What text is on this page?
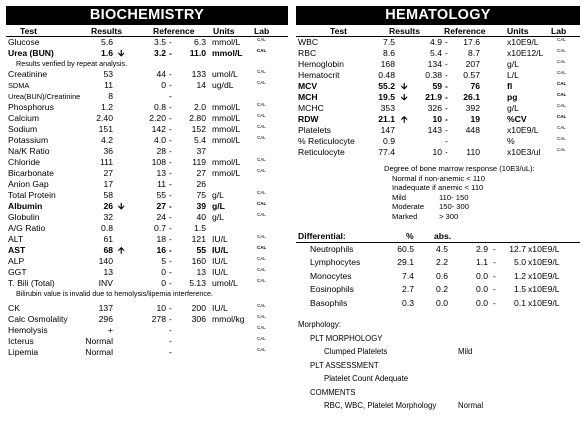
BIOCHEMISTRY
Test	Results	Reference Units Lab
Glucose	5.6	3.5 -	6.3 mmol/L	CAL
Urea (BUN)	1.6 🡫	3.2 - 11.0 mmol/L	CAL
Results verified by repeat analysis.
Creatinine	53	44 - 133 umol/L	CAL
SDMA	11	0 -	14 ug/dL	CAL
Urea(BUN)/Creatinine	8	-
Phosphorus	1.2	0.8 -	2.0 mmol/L	CAL
Calcium	2.40	2.20 - 2.80 mmol/L	CAL
Sodium	151	142 - 152 mmol/L	CAL
Potassium	4.2	4.0 -	5.4 mmol/L	CAL
Na/K Ratio	36	28 -	37
Chloride	111	108 - 119 mmol/L	CAL
Bicarbonate	27	13 -	27 mmol/L	CAL
Anion Gap	17	11 -	26
Total Protein	58	55 -	75 g/L	CAL
Albumin	26 🡫	27 -	39 g/L	CAL
Globulin	32	24 -	40 g/L	CAL
A/G Ratio	0.8	0.7 -	1.5
ALT	61	18 - 121 IU/L	CAL
AST	68 🡩	16 -	55 IU/L	CAL
ALP	140	5 - 160 IU/L	CAL
GGT	13	0 -	13 IU/L	CAL
T. Bili (Total)	INV	0 - 5.13 umol/L	CAL
Bilirubin value is invalid due to hemolysis/lipemia interference.
CK	137	10 - 200 IU/L	CAL
Calc Osmolality	296	278 - 306 mmol/kg	CAL
Hemolysis	+	-	CAL
Icterus	Normal	-	CAL
Lipemia	Normal	-	CAL
HEMATOLOGY
Test	Results	Reference Units	Lab
WBC	7.5	4.9 - 17.6	x10E9/L	CAL
RBC	8.6	5.4 - 8.7	x10E12/L	CAL
Hemoglobin	168	134 - 207	g/L	CAL
Hematocrit	0.48	0.38 - 0.57	L/L	CAL
MCV	55.2 🡫	59 -	76	fl	CAL
MCH	19.5 🡫 21.9 - 26.1	pg	CAL
MCHC	353	326 - 392	g/L	CAL
RDW	21.1 🡩	10 -	19	%CV	CAL
Platelets	147	143 - 448	x10E9/L	CAL
% Reticulocyte	0.9	-	%	CAL
Reticulocyte	77.4	10 - 110	x10E3/ul	CAL
Degree of bone marrow response (10E3/uL):
Normal if non-anemic < 110
Inadequate if anemic < 110
Mild	110- 150
Moderate 150- 300
Marked	> 300
Differential:	% abs.
Neutrophils	60.5	4.5	2.9 - 12.7 x10E9/L
Lymphocytes	29.1	2.2	1.1 - 5.0 x10E9/L
Monocytes	7.4	0.6	0.0 - 1.2 x10E9/L
Eosinophils	2.7	0.2	0.0 - 1.5 x10E9/L
Basophils	0.3	0.0	0.0 - 0.1 x10E9/L
Morphology:
PLT MORPHOLOGY
Clumped Platelets	Mild
PLT ASSESSMENT
Platelet Count Adequate
COMMENTS
RBC, WBC, Platelet Morphology	Normal
